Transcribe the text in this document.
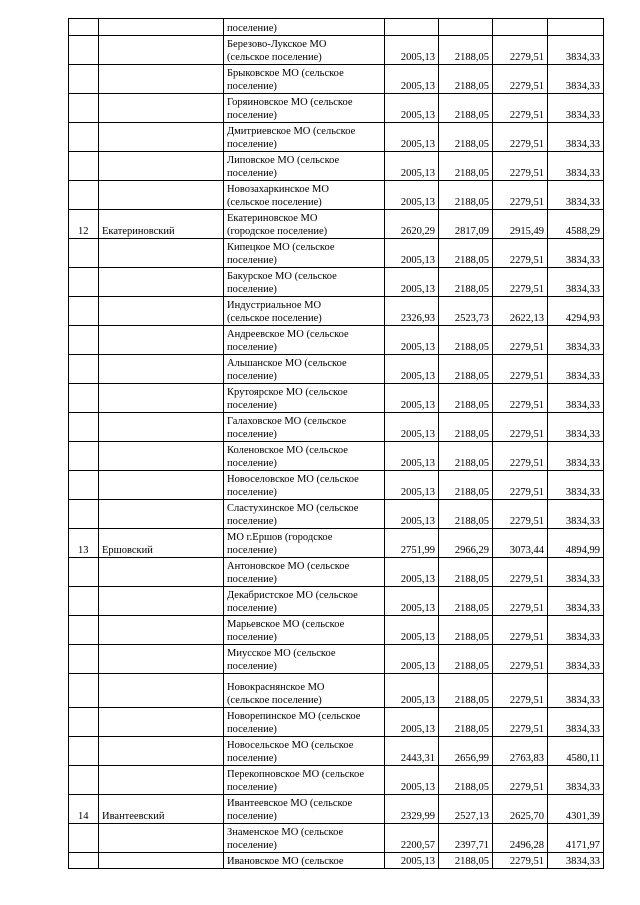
		поселение)				
		Березово-Лукское МО
(сельское поселение)	2005,13	2188,05	2279,51	3834,33
		Брыковское МО (сельское
поселение)	2005,13	2188,05	2279,51	3834,33
		Горяиновское МО (сельское
поселение)	2005,13	2188,05	2279,51	3834,33
		Дмитриевское МО (сельское
поселение)	2005,13	2188,05	2279,51	3834,33
		Липовское МО (сельское
поселение)	2005,13	2188,05	2279,51	3834,33
		Новозахаркинское МО
(сельское поселение)	2005,13	2188,05	2279,51	3834,33
12	Екатериновский	Екатериновское МО
(городское поселение)	2620,29	2817,09	2915,49	4588,29
		Кипецкое МО (сельское
поселение)	2005,13	2188,05	2279,51	3834,33
		Бакурское МО (сельское
поселение)	2005,13	2188,05	2279,51	3834,33
		Индустриальное МО
(сельское поселение)	2326,93	2523,73	2622,13	4294,93
		Андреевское МО (сельское
поселение)	2005,13	2188,05	2279,51	3834,33
		Альшанское МО (сельское
поселение)	2005,13	2188,05	2279,51	3834,33
		Крутоярское МО (сельское
поселение)	2005,13	2188,05	2279,51	3834,33
		Галаховское МО (сельское
поселение)	2005,13	2188,05	2279,51	3834,33
		Коленовское МО (сельское
поселение)	2005,13	2188,05	2279,51	3834,33
		Новоселовское МО (сельское
поселение)	2005,13	2188,05	2279,51	3834,33
		Сластухинское МО (сельское
поселение)	2005,13	2188,05	2279,51	3834,33
13	Ершовский	МО г.Ершов (городское
поселение)	2751,99	2966,29	3073,44	4894,99
		Антоновское МО (сельское
поселение)	2005,13	2188,05	2279,51	3834,33
		Декабристское МО (сельское
поселение)	2005,13	2188,05	2279,51	3834,33
		Марьевское МО (сельское
поселение)	2005,13	2188,05	2279,51	3834,33
		Миусское МО (сельское
поселение)	2005,13	2188,05	2279,51	3834,33
		Новокраснянское МО
(сельское поселение)	2005,13	2188,05	2279,51	3834,33
		Новорепинское МО (сельское
поселение)	2005,13	2188,05	2279,51	3834,33
		Новосельское МО (сельское
поселение)	2443,31	2656,99	2763,83	4580,11
		Перекопновское МО (сельское
поселение)	2005,13	2188,05	2279,51	3834,33
14	Ивантеевский	Ивантеевское МО (сельское
поселение)	2329,99	2527,13	2625,70	4301,39
		Знаменское МО (сельское
поселение)	2200,57	2397,71	2496,28	4171,97
		Ивановское МО (сельское	2005,13	2188,05	2279,51	3834,33
